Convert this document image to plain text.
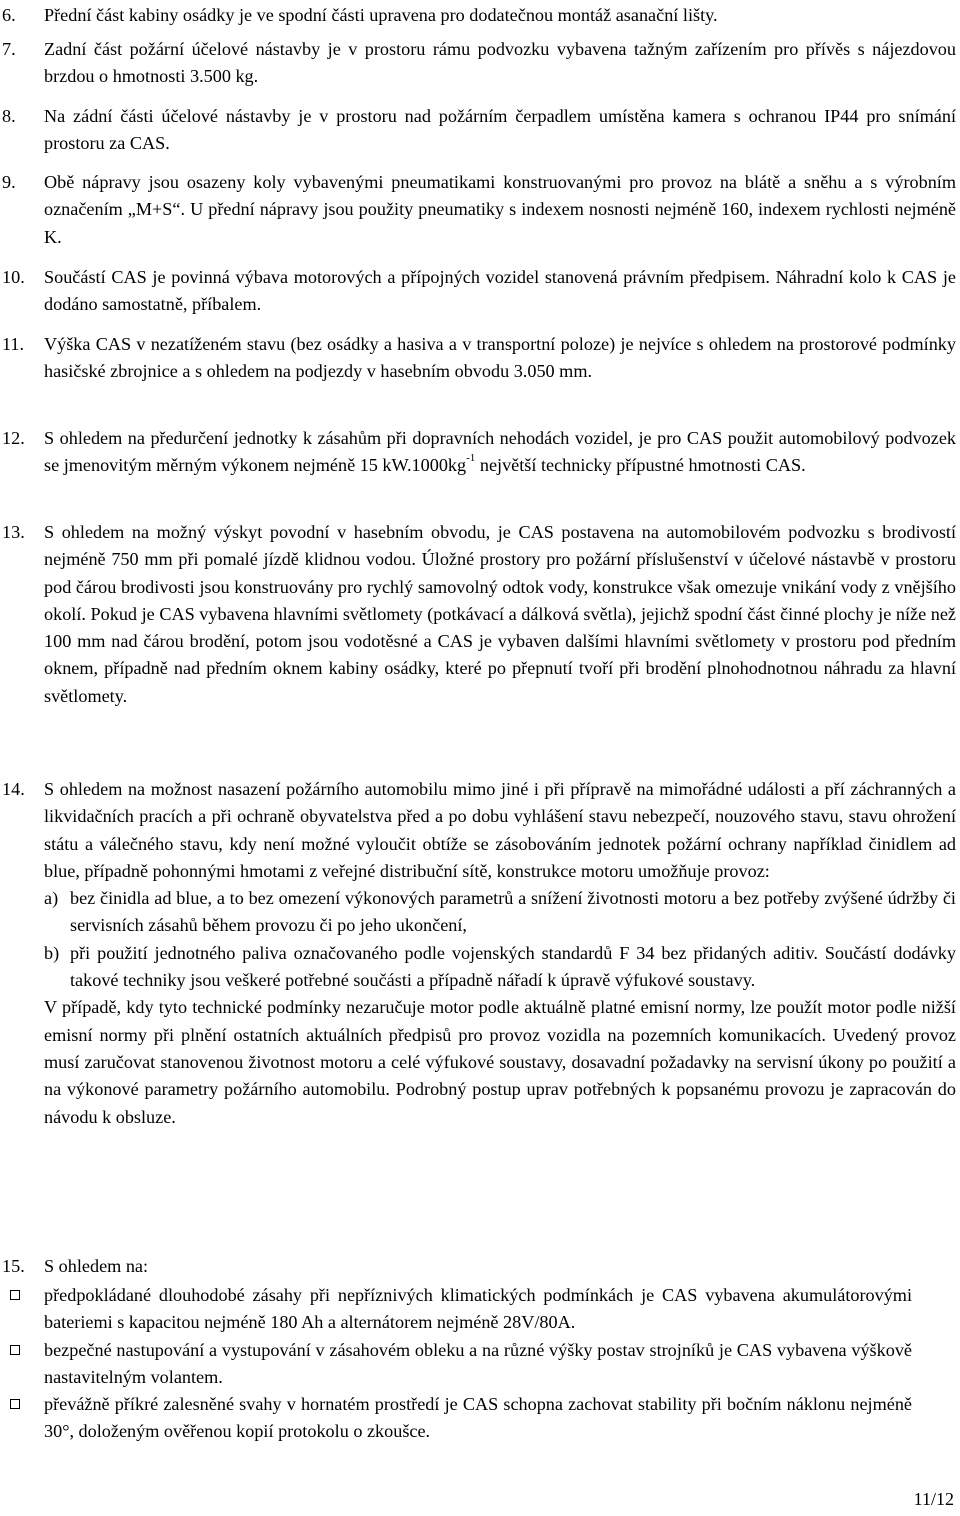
6. Přední část kabiny osádky je ve spodní části upravena pro dodatečnou montáž asanační lišty.

7. Zadní část požární účelové nástavby je v prostoru rámu podvozku vybavena tažným zařízením pro přívěs s nájezdovou brzdou o hmotnosti 3.500 kg.

8. Na zádní části účelové nástavby je v prostoru nad požárním čerpadlem umístěna kamera s ochranou IP44 pro snímání prostoru za CAS.

9. Obě nápravy jsou osazeny koly vybavenými pneumatikami konstruovanými pro provoz na blátě a sněhu a s výrobním označením „M+S“. U přední nápravy jsou použity pneumatiky s indexem nosnosti nejméně 160, indexem rychlosti nejméně K.

10. Součástí CAS je povinná výbava motorových a přípojných vozidel stanovená právním předpisem. Náhradní kolo k CAS je dodáno samostatně, příbalem.

11. Výška CAS v nezatíženém stavu (bez osádky a hasiva a v transportní poloze) je nejvíce s ohledem na prostorové podmínky hasičské zbrojnice a s ohledem na podjezdy v hasebním obvodu 3.050 mm.

12. S ohledem na předurčení jednotky k zásahům při dopravních nehodách vozidel, je pro CAS použit automobilový podvozek se jmenovitým měrným výkonem nejméně 15 $kW.1000kg^{-1}$ největší technicky přípustné hmotnosti CAS.

13. S ohledem na možný výskyt povodní v hasebním obvodu, je CAS postavena na automobilovém podvozku s brodivostí nejméně 750 mm při pomalé jízdě klidnou vodou. Úložné prostory pro požární příslušenství v účelové nástavbě v prostoru pod čárou brodivosti jsou konstruovány pro rychlý samovolný odtok vody, konstrukce však omezuje vnikání vody z vnějšího okolí. Pokud je CAS vybavena hlavními světlomety (potkávací a dálková světla), jejichž spodní část činné plochy je níže než 100 mm nad čárou brodění, potom jsou vodotěsné a CAS je vybaven dalšími hlavními světlomety v prostoru pod předním oknem, případně nad předním oknem kabiny osádky, které po přepnutí tvoří při brodění plnohodnotnou náhradu za hlavní světlomety.

14. S ohledem na možnost nasazení požárního automobilu mimo jiné i při přípravě na mimořádné události a pří záchranných a likvidačních pracích a při ochraně obyvatelstva před a po dobu vyhlášení stavu nebezpečí, nouzového stavu, stavu ohrožení státu a válečného stavu, kdy není možné vyloučit obtíže se zásobováním jednotek požární ochrany například činidlem ad blue, případně pohonnými hmotami z veřejné distribuční sítě, konstrukce motoru umožňuje provoz:

a) bez činidla ad blue, a to bez omezení výkonových parametrů a snížení životnosti motoru a bez potřeby zvýšené údržby či servisních zásahů během provozu či po jeho ukončení,

b) při použití jednotného paliva označovaného podle vojenských standardů F 34 bez přidaných aditiv. Součástí dodávky takové techniky jsou veškeré potřebné součásti a případně nářadí k úpravě výfukové soustavy.

V případě, kdy tyto technické podmínky nezaručuje motor podle aktuálně platné emisní normy, lze použít motor podle nižší emisní normy při plnění ostatních aktuálních předpisů pro provoz vozidla na pozemních komunikacích. Uvedený provoz musí zaručovat stanovenou životnost motoru a celé výfukové soustavy, dosavadní požadavky na servisní úkony po použití a na výkonové parametry požárního automobilu. Podrobný postup uprav potřebných k popsanému provozu je zapracován do návodu k obsluze.

15. S ohledem na:

předpokládané dlouhodobé zásahy při nepříznivých klimatických podmínkách je CAS vybavena akumulátorovými bateriemi s kapacitou nejméně 180 Ah a alternátorem nejméně 28V/80A.

bezpečné nastupování a vystupování v zásahovém obleku a na různé výšky postav strojníků je CAS vybavena výškově nastavitelným volantem.

převážně příkré zalesněné svahy v hornatém prostředí je CAS schopna zachovat stability při bočním náklonu nejméně 30°, doloženým ověřenou kopií protokolu o zkoušce.

11/12
